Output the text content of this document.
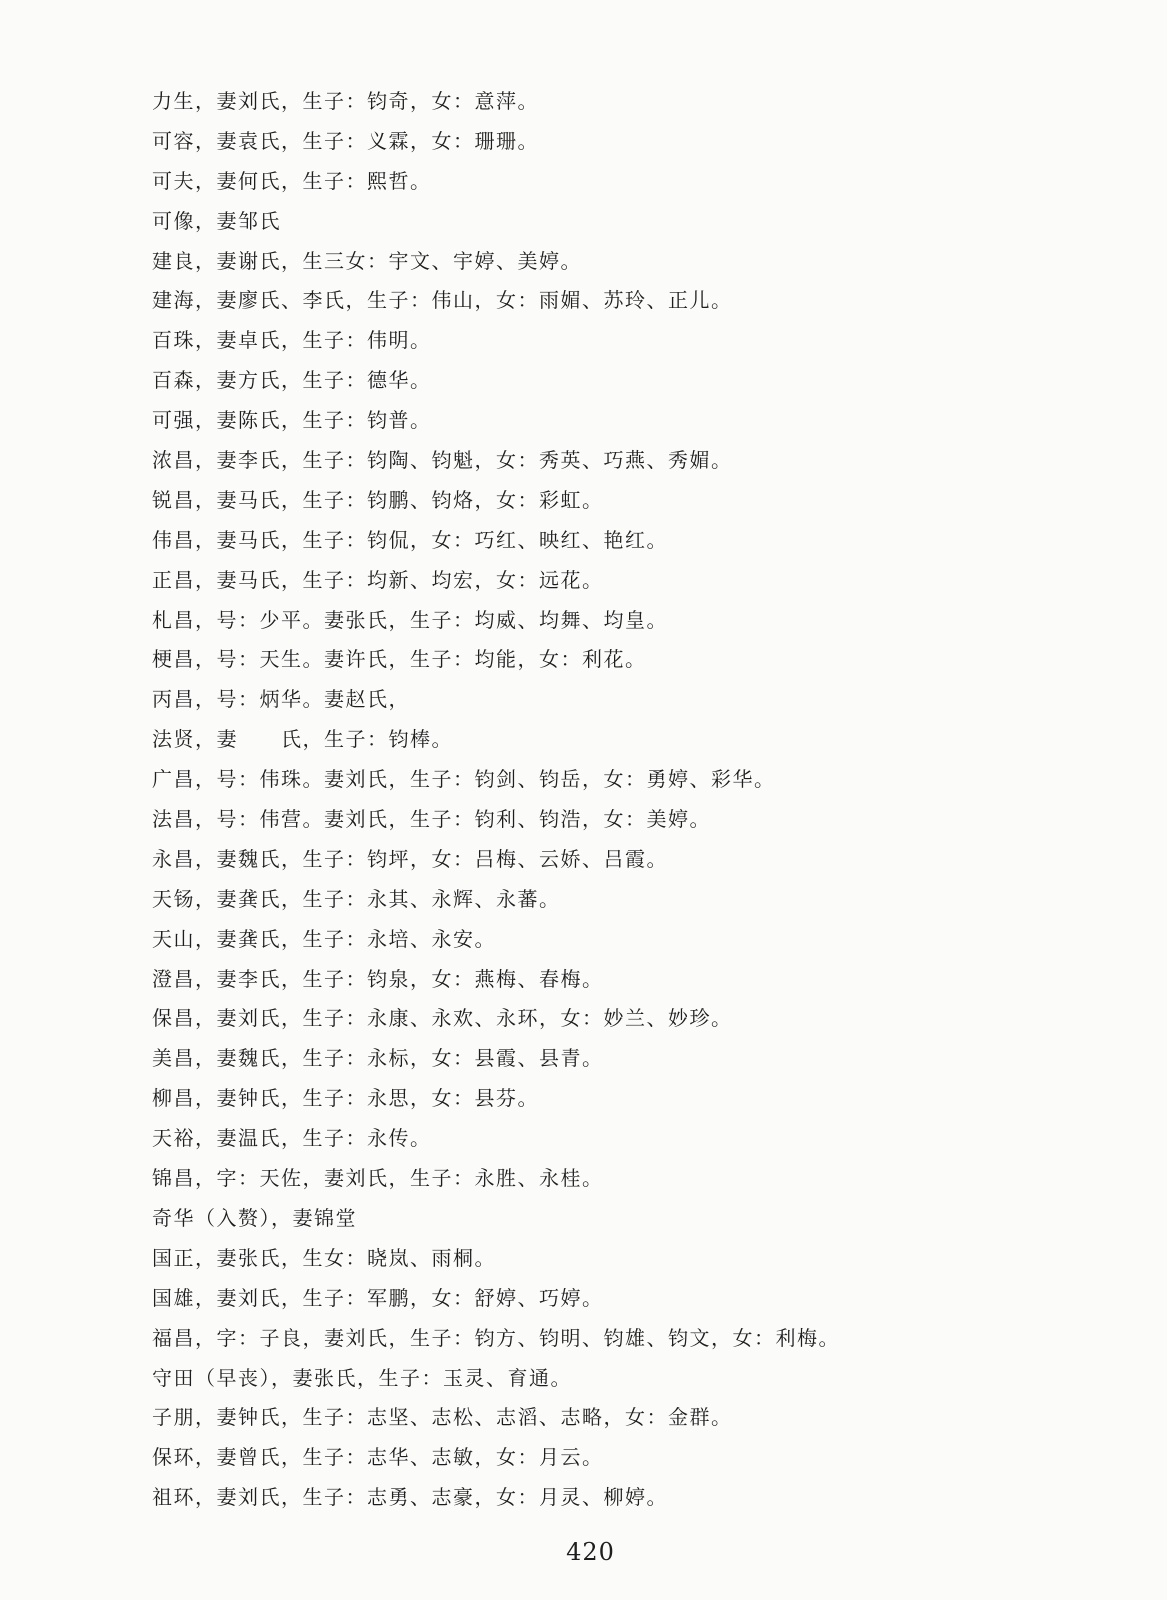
力生，妻刘氏，生子：钧奇，女：意萍。
可容，妻袁氏，生子：义霖，女：珊珊。
可夫，妻何氏，生子：熙哲。
可像，妻邹氏
建良，妻谢氏，生三女：宇文、宇婷、美婷。
建海，妻廖氏、李氏，生子：伟山，女：雨媚、苏玲、正儿。
百珠，妻卓氏，生子：伟明。
百森，妻方氏，生子：德华。
可强，妻陈氏，生子：钧普。
浓昌，妻李氏，生子：钧陶、钧魁，女：秀英、巧燕、秀媚。
锐昌，妻马氏，生子：钧鹏、钧烙，女：彩虹。
伟昌，妻马氏，生子：钧侃，女：巧红、映红、艳红。
正昌，妻马氏，生子：均新、均宏，女：远花。
札昌，号：少平。妻张氏，生子：均威、均舞、均皇。
梗昌，号：天生。妻许氏，生子：均能，女：利花。
丙昌，号：炳华。妻赵氏，
法贤，妻　　氏，生子：钧棒。
广昌，号：伟珠。妻刘氏，生子：钧剑、钧岳，女：勇婷、彩华。
法昌，号：伟营。妻刘氏，生子：钧利、钧浩，女：美婷。
永昌，妻魏氏，生子：钧坪，女：吕梅、云娇、吕霞。
天钖，妻龚氏，生子：永其、永辉、永蕃。
天山，妻龚氏，生子：永培、永安。
澄昌，妻李氏，生子：钧泉，女：燕梅、春梅。
保昌，妻刘氏，生子：永康、永欢、永环，女：妙兰、妙珍。
美昌，妻魏氏，生子：永标，女：县霞、县青。
柳昌，妻钟氏，生子：永思，女：县芬。
天裕，妻温氏，生子：永传。
锦昌，字：天佐，妻刘氏，生子：永胜、永桂。
奇华（入赘），妻锦堂
国正，妻张氏，生女：晓岚、雨桐。
国雄，妻刘氏，生子：军鹏，女：舒婷、巧婷。
福昌，字：子良，妻刘氏，生子：钧方、钧明、钧雄、钧文，女：利梅。
守田（早丧），妻张氏，生子：玉灵、育通。
子朋，妻钟氏，生子：志坚、志松、志滔、志略，女：金群。
保环，妻曾氏，生子：志华、志敏，女：月云。
祖环，妻刘氏，生子：志勇、志豪，女：月灵、柳婷。
420
